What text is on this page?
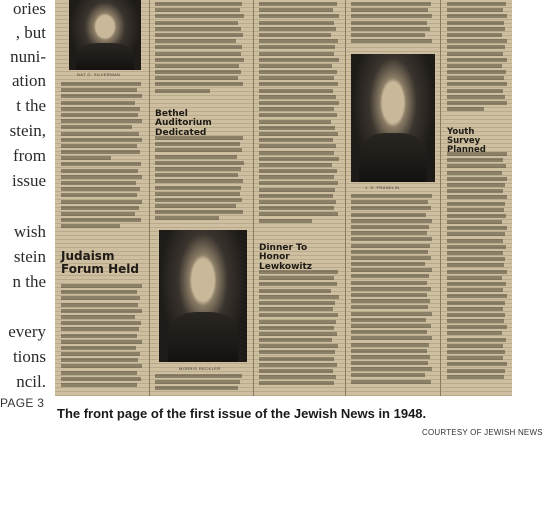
ories
, but
nuni-
ation
t the
stein,
from
issue
wish
stein
n the
every
tions
ncil.
PAGE 3
NAT G. SILVERMAN
Judaism Forum Held
Bethel Auditorium Dedicated
MORRIS RECKLER
Dinner To Honor Lewkowitz
J. S. FRANKLIN
Youth Survey Planned
The front page of the first issue of the Jewish News in 1948.
COURTESY OF JEWISH NEWS
